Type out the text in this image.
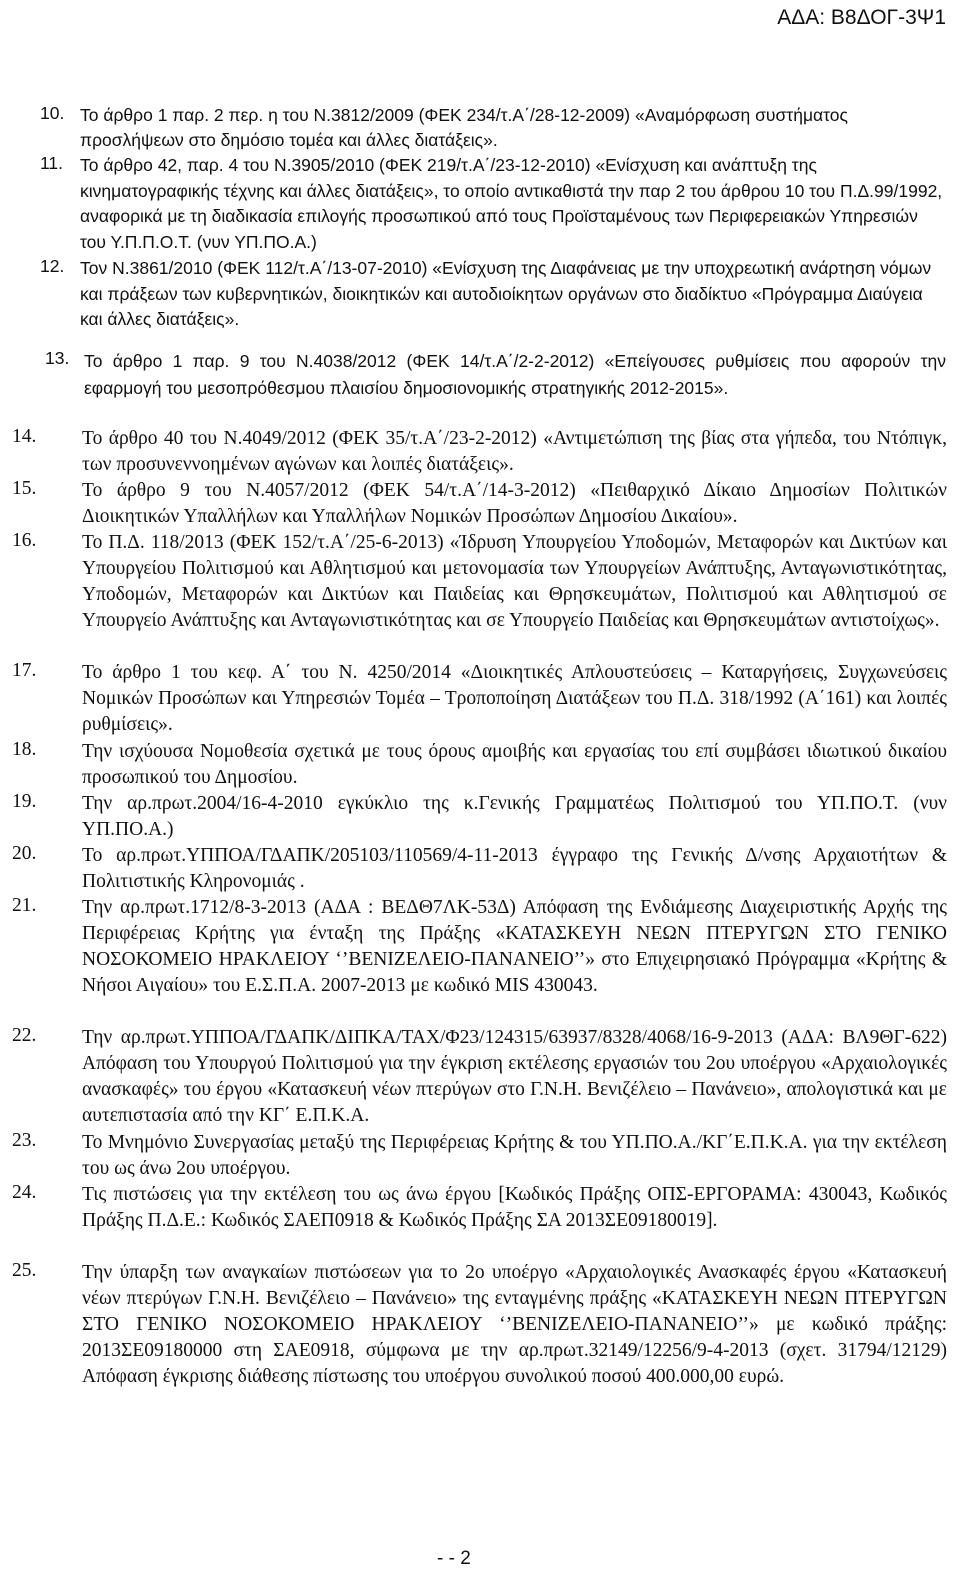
ΑΔΑ: Β8ΔΟΓ-3Ψ1
10. Το άρθρο 1 παρ. 2 περ. η του Ν.3812/2009 (ΦΕΚ 234/τ.Α΄/28-12-2009) «Αναμόρφωση συστήματος προσλήψεων στο δημόσιο τομέα και άλλες διατάξεις».
11. Το άρθρο 42, παρ. 4 του Ν.3905/2010 (ΦΕΚ 219/τ.Α΄/23-12-2010) «Ενίσχυση και ανάπτυξη της κινηματογραφικής τέχνης και άλλες διατάξεις», το οποίο αντικαθιστά την παρ 2 του άρθρου 10 του Π.Δ.99/1992, αναφορικά με τη διαδικασία επιλογής προσωπικού από τους Προϊσταμένους των Περιφερειακών Υπηρεσιών του Υ.Π.Π.Ο.Τ. (νυν ΥΠ.ΠΟ.Α.)
12. Τον Ν.3861/2010 (ΦΕΚ 112/τ.Α΄/13-07-2010) «Ενίσχυση της Διαφάνειας με την υποχρεωτική ανάρτηση νόμων και πράξεων των κυβερνητικών, διοικητικών και αυτοδιοίκητων οργάνων στο διαδίκτυο «Πρόγραμμα Διαύγεια και άλλες διατάξεις».
13. Το άρθρο 1 παρ. 9 του Ν.4038/2012 (ΦΕΚ 14/τ.Α΄/2-2-2012) «Επείγουσες ρυθμίσεις που αφορούν την εφαρμογή του μεσοπρόθεσμου πλαισίου δημοσιονομικής στρατηγικής 2012-2015».
14. Το άρθρο 40 του Ν.4049/2012 (ΦΕΚ 35/τ.Α΄/23-2-2012) «Αντιμετώπιση της βίας στα γήπεδα, του Ντόπιγκ, των προσυνεννοημένων αγώνων και λοιπές διατάξεις».
15. Το άρθρο 9 του Ν.4057/2012 (ΦΕΚ 54/τ.Α΄/14-3-2012) «Πειθαρχικό Δίκαιο Δημοσίων Πολιτικών Διοικητικών Υπαλλήλων και Υπαλλήλων Νομικών Προσώπων Δημοσίου Δικαίου».
16. Το Π.Δ. 118/2013 (ΦΕΚ 152/τ.Α΄/25-6-2013) «Ίδρυση Υπουργείου Υποδομών, Μεταφορών και Δικτύων και Υπουργείου Πολιτισμού και Αθλητισμού και μετονομασία των Υπουργείων Ανάπτυξης, Ανταγωνιστικότητας, Υποδομών, Μεταφορών και Δικτύων και Παιδείας και Θρησκευμάτων, Πολιτισμού και Αθλητισμού σε Υπουργείο Ανάπτυξης και Ανταγωνιστικότητας και σε Υπουργείο Παιδείας και Θρησκευμάτων αντιστοίχως».
17. Το άρθρο 1 του κεφ. Α΄ του Ν. 4250/2014 «Διοικητικές Απλουστεύσεις – Καταργήσεις, Συγχωνεύσεις Νομικών Προσώπων και Υπηρεσιών Τομέα – Τροποποίηση Διατάξεων του Π.Δ. 318/1992 (Α΄161) και λοιπές ρυθμίσεις».
18. Την ισχύουσα Νομοθεσία σχετικά με τους όρους αμοιβής και εργασίας του επί συμβάσει ιδιωτικού δικαίου προσωπικού του Δημοσίου.
19. Την αρ.πρωτ.2004/16-4-2010 εγκύκλιο της κ.Γενικής Γραμματέως Πολιτισμού του ΥΠ.ΠΟ.Τ. (νυν ΥΠ.ΠΟ.Α.)
20. Το αρ.πρωτ.ΥΠΠΟΑ/ΓΔΑΠΚ/205103/110569/4-11-2013 έγγραφο της Γενικής Δ/νσης Αρχαιοτήτων & Πολιτιστικής Κληρονομιάς .
21. Την αρ.πρωτ.1712/8-3-2013 (ΑΔΑ : ΒΕΔΘ7ΛΚ-53Δ) Απόφαση της Ενδιάμεσης Διαχειριστικής Αρχής της Περιφέρειας Κρήτης για ένταξη της Πράξης «ΚΑΤΑΣΚΕΥΗ ΝΕΩΝ ΠΤΕΡΥΓΩΝ ΣΤΟ ΓΕΝΙΚΟ ΝΟΣΟΚΟΜΕΙΟ ΗΡΑΚΛΕΙΟΥ ‘’ΒΕΝΙΖΕΛΕΙΟ-ΠΑΝΑΝΕΙΟ’’» στο Επιχειρησιακό Πρόγραμμα «Κρήτης & Νήσοι Αιγαίου» του Ε.Σ.Π.Α. 2007-2013 με κωδικό MIS 430043.
22. Την αρ.πρωτ.ΥΠΠΟΑ/ΓΔΑΠΚ/ΔΙΠΚΑ/ΤΑΧ/Φ23/124315/63937/8328/4068/16-9-2013 (ΑΔΑ: ΒΛ9ΘΓ-622) Απόφαση του Υπουργού Πολιτισμού για την έγκριση εκτέλεσης εργασιών του 2ου υποέργου «Αρχαιολογικές ανασκαφές» του έργου «Κατασκευή νέων πτερύγων στο Γ.Ν.Η. Βενιζέλειο – Πανάνειο», απολογιστικά και με αυτεπιστασία από την ΚΓ΄ Ε.Π.Κ.Α.
23. Το Μνημόνιο Συνεργασίας μεταξύ της Περιφέρειας Κρήτης & του ΥΠ.ΠΟ.Α./ΚΓ΄Ε.Π.Κ.Α. για την εκτέλεση του ως άνω 2ου υποέργου.
24. Τις πιστώσεις για την εκτέλεση του ως άνω έργου [Κωδικός Πράξης ΟΠΣ-ΕΡΓΟΡΑΜΑ: 430043, Κωδικός Πράξης Π.Δ.Ε.: Κωδικός ΣΑΕΠ0918 & Κωδικός Πράξης ΣΑ 2013ΣΕ09180019].
25. Την ύπαρξη των αναγκαίων πιστώσεων για το 2ο υποέργο «Αρχαιολογικές Ανασκαφές έργου «Κατασκευή νέων πτερύγων Γ.Ν.Η. Βενιζέλειο – Πανάνειο» της ενταγμένης πράξης «ΚΑΤΑΣΚΕΥΗ ΝΕΩΝ ΠΤΕΡΥΓΩΝ ΣΤΟ ΓΕΝΙΚΟ ΝΟΣΟΚΟΜΕΙΟ ΗΡΑΚΛΕΙΟΥ ‘’ΒΕΝΙΖΕΛΕΙΟ-ΠΑΝΑΝΕΙΟ’’» με κωδικό πράξης: 2013ΣΕ09180000 στη ΣΑΕ0918, σύμφωνα με την αρ.πρωτ.32149/12256/9-4-2013 (σχετ. 31794/12129) Απόφαση έγκρισης διάθεσης πίστωσης του υποέργου συνολικού ποσού 400.000,00 ευρώ.
- - 2
